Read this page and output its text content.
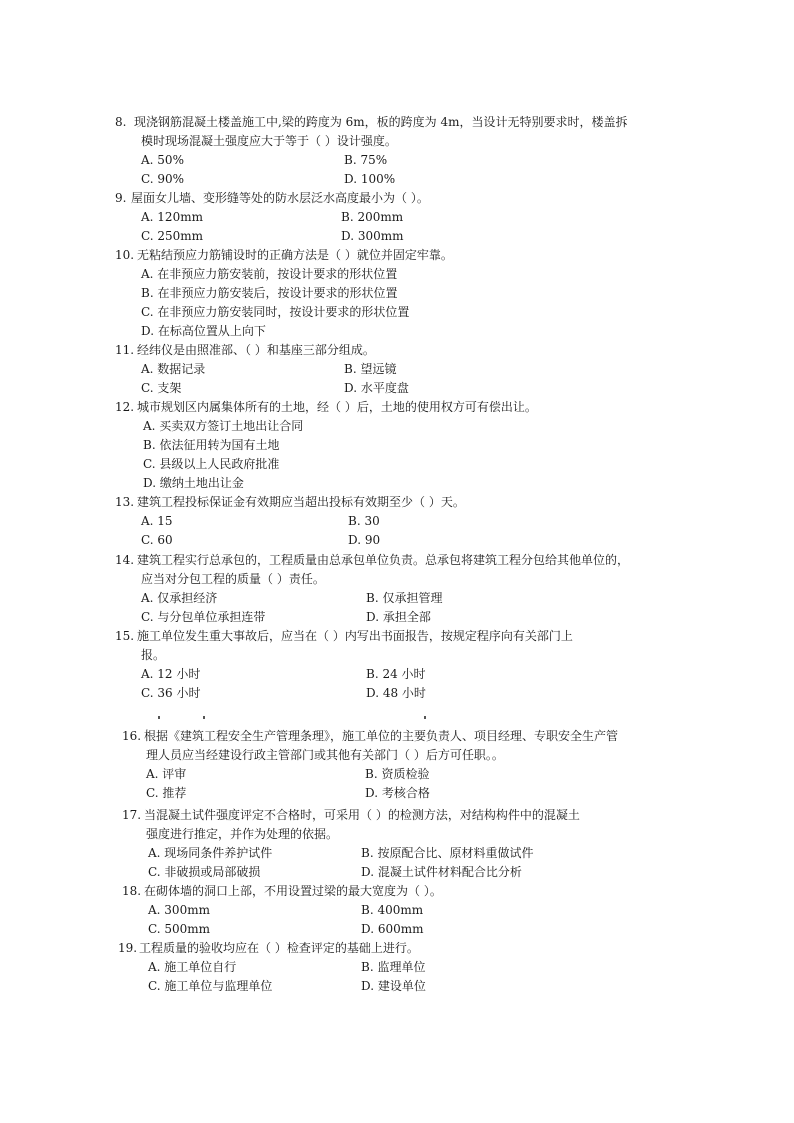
8. 现浇钢筋混凝土楼盖施工中,梁的跨度为 6m，板的跨度为 4m，当设计无特别要求时，楼盖拆
模时现场混凝土强度应大于等于（ ）设计强度。
A. 50%	B. 75%
C. 90%	D. 100%
9. 屋面女儿墙、变形缝等处的防水层泛水高度最小为（ ）。
A. 120mm	B. 200mm
C. 250mm	D. 300mm
10. 无粘结预应力筋铺设时的正确方法是（ ）就位并固定牢靠。
A. 在非预应力筋安装前，按设计要求的形状位置
B. 在非预应力筋安装后，按设计要求的形状位置
C. 在非预应力筋安装同时，按设计要求的形状位置
D. 在标高位置从上向下
11. 经纬仪是由照准部、（ ）和基座三部分组成。
A. 数据记录	B. 望远镜
C. 支架	D. 水平度盘
12. 城市规划区内属集体所有的土地，经（ ）后，土地的使用权方可有偿出让。
A. 买卖双方签订土地出让合同
B. 依法征用转为国有土地
C. 县级以上人民政府批准
D. 缴纳土地出让金
13. 建筑工程投标保证金有效期应当超出投标有效期至少（ ）天。
A. 15	B. 30
C. 60	D. 90
14. 建筑工程实行总承包的，工程质量由总承包单位负责。总承包将建筑工程分包给其他单位的，
应当对分包工程的质量（ ）责任。
A. 仅承担经济	B. 仅承担管理
C. 与分包单位承担连带	D. 承担全部
15. 施工单位发生重大事故后，应当在（ ）内写出书面报告，按规定程序向有关部门上
报。
A. 12 小时	B. 24 小时
C. 36 小时	D. 48 小时
16. 根据《建筑工程安全生产管理条理》，施工单位的主要负责人、项目经理、专职安全生产管
理人员应当经建设行政主管部门或其他有关部门（ ）后方可任职。。
A. 评审	B. 资质检验
C. 推荐	D. 考核合格
17. 当混凝土试件强度评定不合格时，可采用（ ）的检测方法，对结构构件中的混凝土
强度进行推定，并作为处理的依据。
A. 现场同条件养护试件	B. 按原配合比、原材料重做试件
C. 非破损或局部破损	D. 混凝土试件材料配合比分析
18. 在砌体墙的洞口上部，不用设置过梁的最大宽度为（ ）。
A. 300mm	B. 400mm
C. 500mm	D. 600mm
19. 工程质量的验收均应在（ ）检查评定的基础上进行。
A. 施工单位自行	B. 监理单位
C. 施工单位与监理单位	D. 建设单位
